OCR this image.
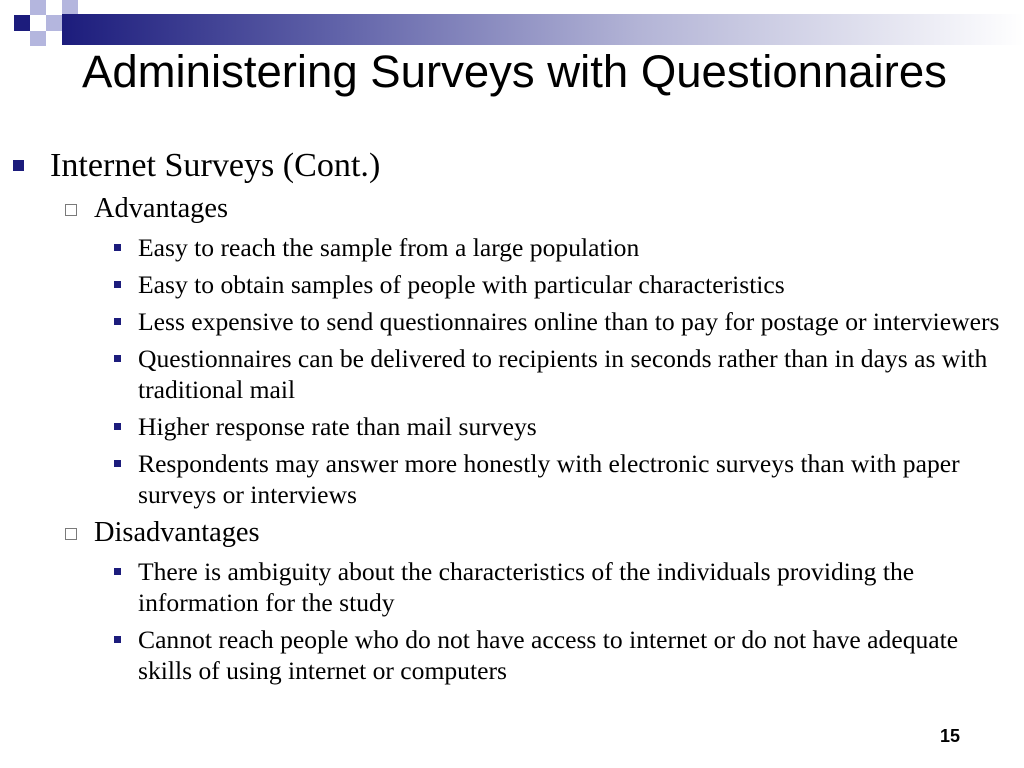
Administering Surveys with Questionnaires
Internet Surveys (Cont.)
Advantages
Easy to reach the sample from a large population
Easy to obtain samples of people with particular characteristics
Less expensive to send questionnaires online than to pay for postage or interviewers
Questionnaires can be delivered to recipients in seconds rather than in days as with traditional mail
Higher response rate than mail surveys
Respondents may answer more honestly with electronic surveys than with paper surveys or interviews
Disadvantages
There is ambiguity about the characteristics of the individuals providing the information for the study
Cannot reach people who do not have access to internet or do not have adequate skills of using internet or computers
15
